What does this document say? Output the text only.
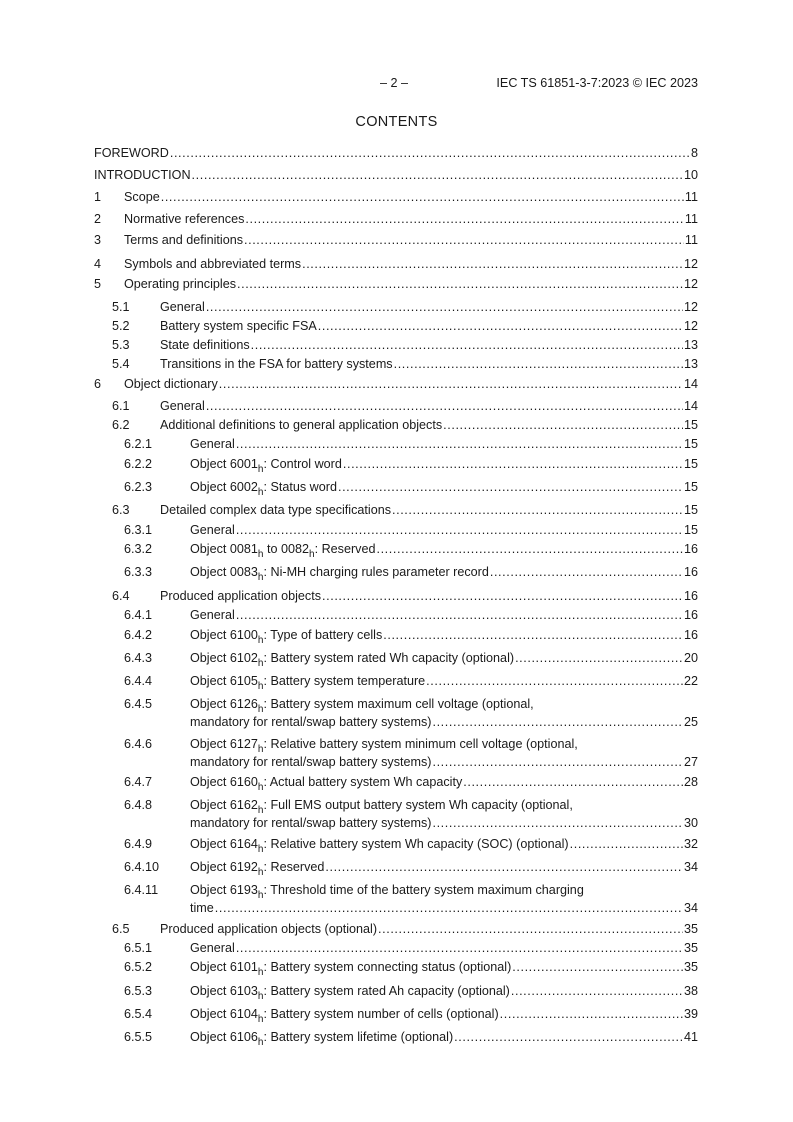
– 2 –	IEC TS 61851-3-7:2023 © IEC 2023
CONTENTS
FOREWORD .....	8
INTRODUCTION .....	10
1 Scope .....	11
2 Normative references .....	11
3 Terms and definitions .....	11
4 Symbols and abbreviated terms .....	12
5 Operating principles .....	12
5.1 General .....	12
5.2 Battery system specific FSA .....	12
5.3 State definitions .....	13
5.4 Transitions in the FSA for battery systems .....	13
6 Object dictionary .....	14
6.1 General .....	14
6.2 Additional definitions to general application objects .....	15
6.2.1	General .....	15
6.2.2	Object $6001_h$: Control word .....	15
6.2.3	Object $6002_h$: Status word .....	15
6.3 Detailed complex data type specifications .....	15
6.3.1	General .....	15
6.3.2	Object $0081_h$ to $0082_h$: Reserved .....	16
6.3.3	Object $0083_h$: Ni-MH charging rules parameter record .....	16
6.4 Produced application objects .....	16
6.4.1	General .....	16
6.4.2	Object $6100_h$: Type of battery cells .....	16
6.4.3	Object $6102_h$: Battery system rated Wh capacity (optional) .....	20
6.4.4	Object $6105_h$: Battery system temperature .....	22
6.4.5	Object $6126_h$: Battery system maximum cell voltage (optional,
mandatory for rental/swap battery systems) .....	25
6.4.6	Object $6127_h$: Relative battery system minimum cell voltage (optional,
mandatory for rental/swap battery systems) .....	27
6.4.7	Object $6160_h$: Actual battery system Wh capacity .....	28
6.4.8	Object $6162_h$: Full EMS output battery system Wh capacity (optional,
mandatory for rental/swap battery systems) .....	30
6.4.9	Object $6164_h$: Relative battery system Wh capacity (SOC) (optional) .....	32
6.4.10 Object $6192_h$: Reserved .....	34
6.4.11	Object $6193_h$: Threshold time of the battery system maximum charging
time .....	34
6.5 Produced application objects (optional) .....	35
6.5.1	General .....	35
6.5.2	Object $6101_h$: Battery system connecting status (optional) .....	35
6.5.3	Object $6103_h$: Battery system rated Ah capacity (optional) .....	38
6.5.4	Object $6104_h$: Battery system number of cells (optional) .....	39
6.5.5	Object $6106_h$: Battery system lifetime (optional) .....	41
